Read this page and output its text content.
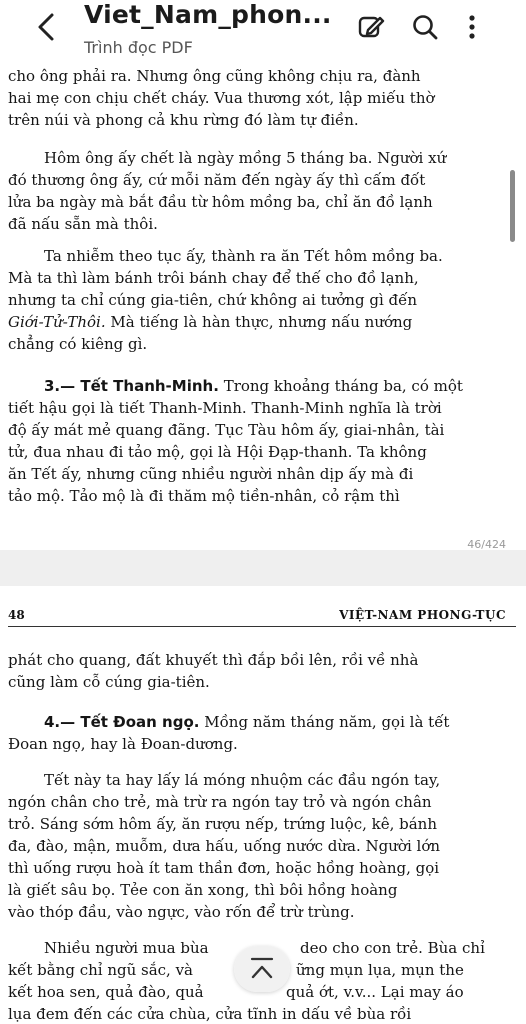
Viet_Nam_phon...
Trình đọc PDF
cho ông phải ra. Nhưng ông cũng không chịu ra, đành
hai mẹ con chịu chết cháy. Vua thương xót, lập miếu thờ
trên núi và phong cả khu rừng đó làm tự điền.
Hôm ông ấy chết là ngày mồng 5 tháng ba. Người xứ
đó thương ông ấy, cứ mỗi năm đến ngày ấy thì cấm đốt
lửa ba ngày mà bắt đầu từ hôm mồng ba, chỉ ăn đồ lạnh
đã nấu sẵn mà thôi.
Ta nhiễm theo tục ấy, thành ra ăn Tết hôm mồng ba.
Mà ta thì làm bánh trôi bánh chay để thế cho đồ lạnh,
nhưng ta chỉ cúng gia-tiên, chứ không ai tưởng gì đến
Giới-Tử-Thôi. Mà tiếng là hàn thực, nhưng nấu nướng
chẳng có kiêng gì.
3.— Tết Thanh-Minh. Trong khoảng tháng ba, có một
tiết hậu gọi là tiết Thanh-Minh. Thanh-Minh nghĩa là trời
độ ấy mát mẻ quang đãng. Tục Tàu hôm ấy, giai-nhân, tài
tử, đua nhau đi tảo mộ, gọi là Hội Đạp-thanh. Ta không
ăn Tết ấy, nhưng cũng nhiều người nhân dịp ấy mà đi
tảo mộ. Tảo mộ là đi thăm mộ tiền-nhân, cỏ rậm thì
46/424
48	VIỆT-NAM PHONG-TỤC
phát cho quang, đất khuyết thì đắp bồi lên, rồi về nhà
cũng làm cỗ cúng gia-tiên.
4.— Tết Đoan ngọ. Mồng năm tháng năm, gọi là tết
Đoan ngọ, hay là Đoan-dương.
Tết này ta hay lấy lá móng nhuộm các đầu ngón tay,
ngón chân cho trẻ, mà trừ ra ngón tay trỏ và ngón chân
trỏ. Sáng sớm hôm ấy, ăn rượu nếp, trứng luộc, kê, bánh
đa, đào, mận, muỗm, dưa hấu, uống nước dừa. Người lớn
thì uống rượu hoà ít tam thần đơn, hoặc hồng hoàng, gọi
là giết sâu bọ. Tẻe con ăn xong, thì bôi hồng hoàng
vào thóp đầu, vào ngực, vào rốn để trừ trùng.
Nhiều người mua bùa	deo cho con trẻ. Bùa chỉ
kết bằng chỉ ngũ sắc, và	ững mụn lụa, mụn the
kết hoa sen, quả đào, quả	quả ớt, v.v... Lại may áo
lụa đem đến các cửa chùa, cửa tĩnh in dấu về bùa rồi
